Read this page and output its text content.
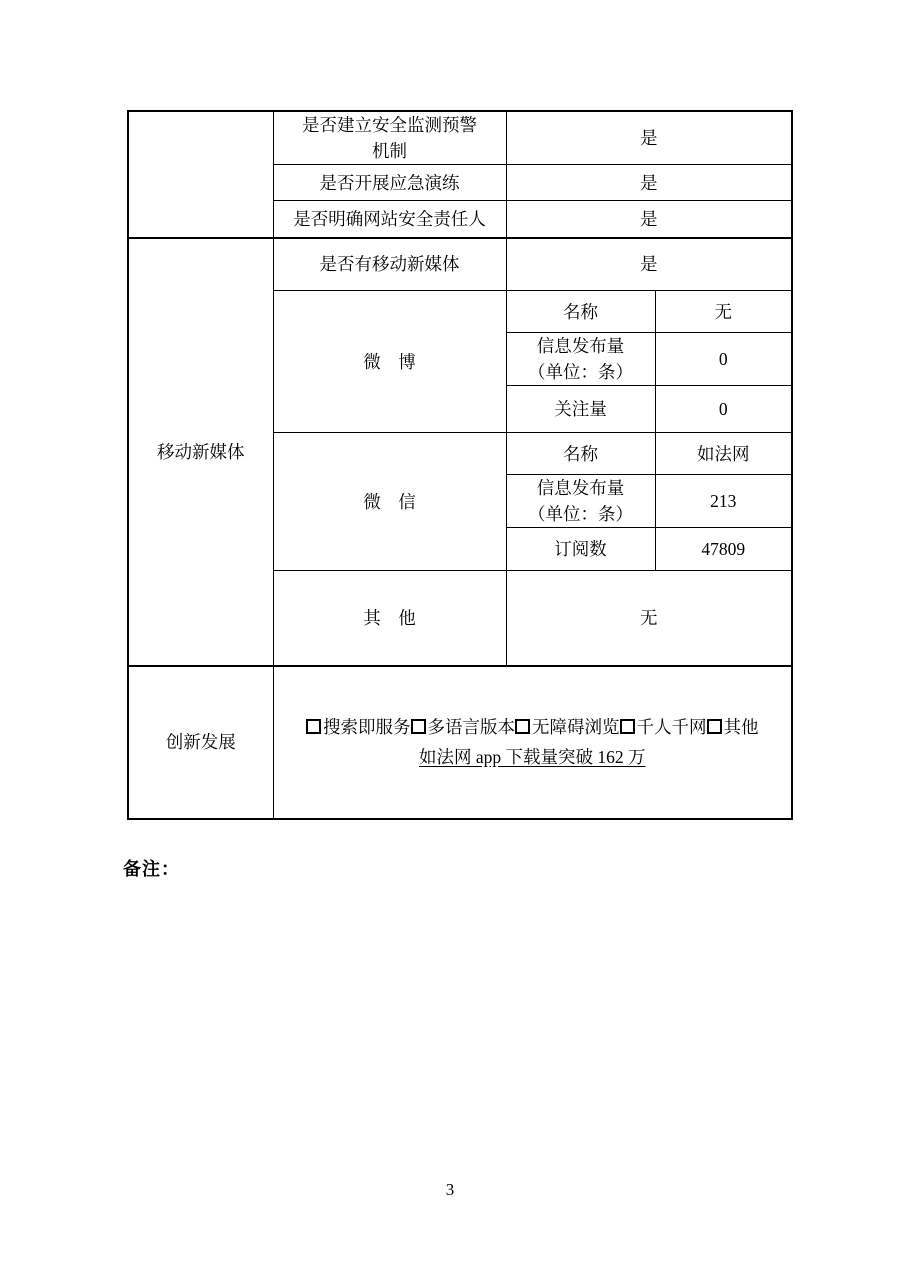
	是否建立安全监测预警
机制	是	
	是否开展应急演练	是	
	是否明确网站安全责任人	是	
移动新媒体	是否有移动新媒体	是	
	微　博	名称	无

		信息发布量
（单位：条）	0
		关注量	0
	微　信	名称	如法网

		信息发布量
（单位：条）	213
		订阅数	47809
	其　他	无	
创新发展	搜索即服务 多语言版本 无障碍浏览 千人千网 其他
如法网 app 下载量突破 162 万		
备注：
3
